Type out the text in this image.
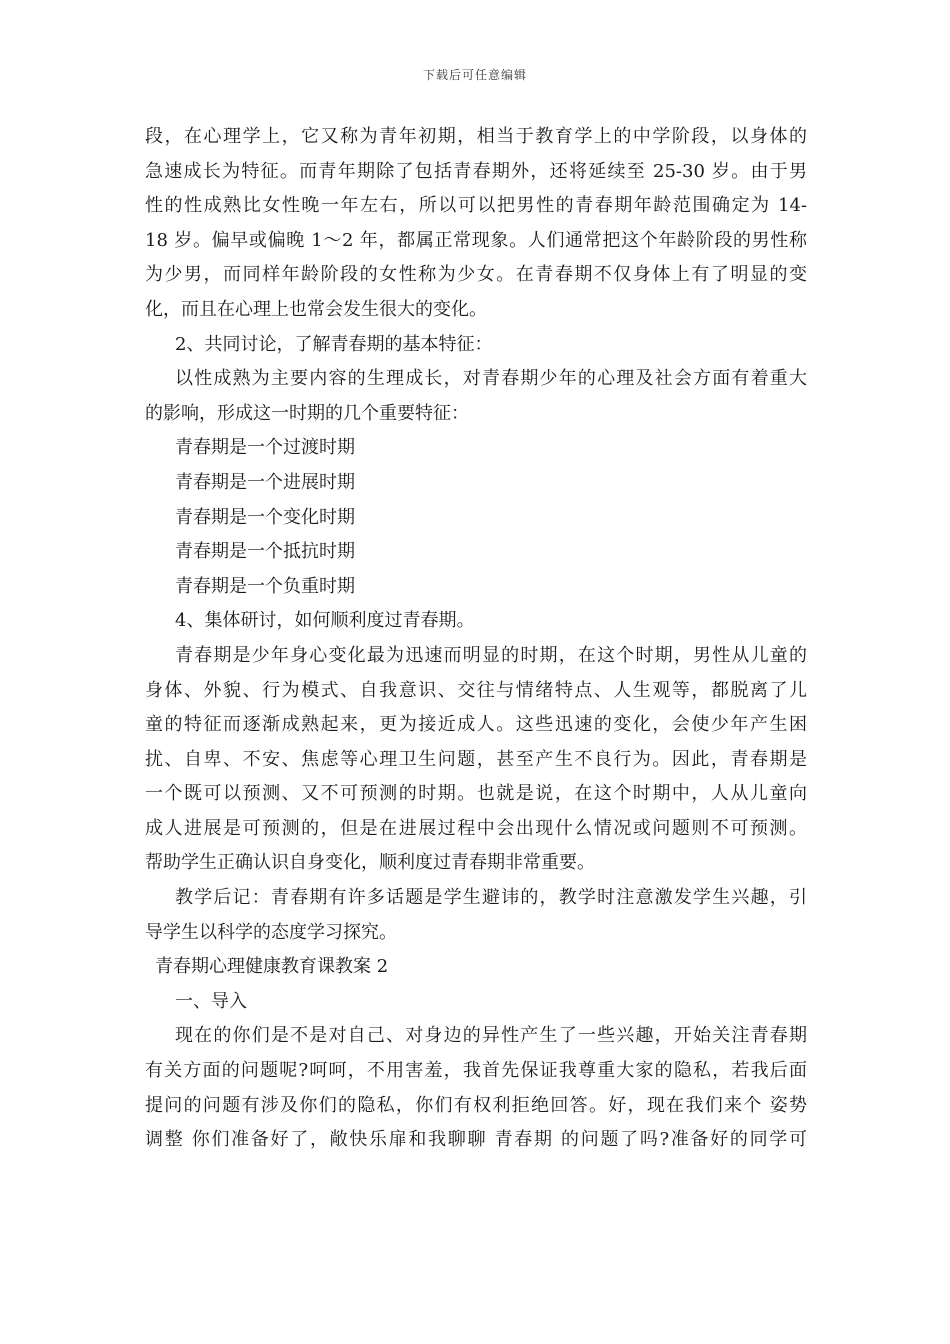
下载后可任意编辑
段，在心理学上，它又称为青年初期，相当于教育学上的中学阶段，以身体的
急速成长为特征。而青年期除了包括青春期外，还将延续至 25-30 岁。由于男
性的性成熟比女性晚一年左右，所以可以把男性的青春期年龄范围确定为 14-
18 岁。偏早或偏晚 1～2 年，都属正常现象。人们通常把这个年龄阶段的男性称
为少男，而同样年龄阶段的女性称为少女。在青春期不仅身体上有了明显的变
化，而且在心理上也常会发生很大的变化。
2、共同讨论，了解青春期的基本特征：
以性成熟为主要内容的生理成长，对青春期少年的心理及社会方面有着重大
的影响，形成这一时期的几个重要特征：
青春期是一个过渡时期
青春期是一个进展时期
青春期是一个变化时期
青春期是一个抵抗时期
青春期是一个负重时期
4、集体研讨，如何顺利度过青春期。
青春期是少年身心变化最为迅速而明显的时期，在这个时期，男性从儿童的
身体、外貌、行为模式、自我意识、交往与情绪特点、人生观等，都脱离了儿
童的特征而逐渐成熟起来，更为接近成人。这些迅速的变化，会使少年产生困
扰、自卑、不安、焦虑等心理卫生问题，甚至产生不良行为。因此，青春期是
一个既可以预测、又不可预测的时期。也就是说，在这个时期中，人从儿童向
成人进展是可预测的，但是在进展过程中会出现什么情况或问题则不可预测。
帮助学生正确认识自身变化，顺利度过青春期非常重要。
教学后记：青春期有许多话题是学生避讳的，教学时注意激发学生兴趣，引
导学生以科学的态度学习探究。
青春期心理健康教育课教案 2
一、导入
现在的你们是不是对自己、对身边的异性产生了一些兴趣，开始关注青春期
有关方面的问题呢?呵呵，不用害羞，我首先保证我尊重大家的隐私，若我后面
提问的问题有涉及你们的隐私，你们有权利拒绝回答。好，现在我们来个 姿势
调整 你们准备好了，敞快乐扉和我聊聊 青春期 的问题了吗?准备好的同学可
